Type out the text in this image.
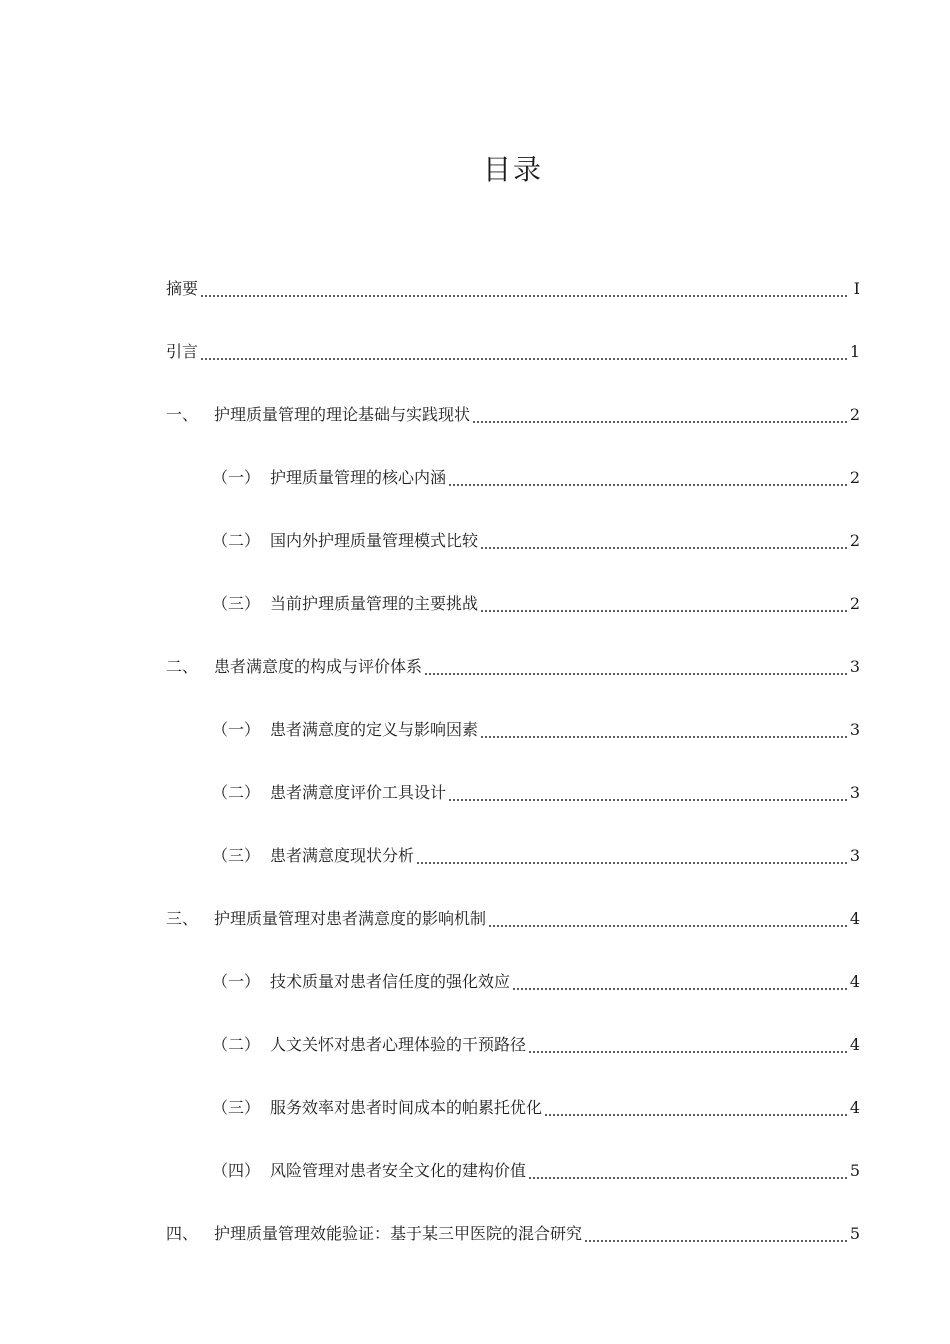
目录
摘要	I
引言	1
一、 护理质量管理的理论基础与实践现状	2
（一） 护理质量管理的核心内涵	2
（二） 国内外护理质量管理模式比较	2
（三） 当前护理质量管理的主要挑战	2
二、 患者满意度的构成与评价体系	3
（一） 患者满意度的定义与影响因素	3
（二） 患者满意度评价工具设计	3
（三） 患者满意度现状分析	3
三、 护理质量管理对患者满意度的影响机制	4
（一） 技术质量对患者信任度的强化效应	4
（二） 人文关怀对患者心理体验的干预路径	4
（三） 服务效率对患者时间成本的帕累托优化	4
（四） 风险管理对患者安全文化的建构价值	5
四、 护理质量管理效能验证：基于某三甲医院的混合研究	5
